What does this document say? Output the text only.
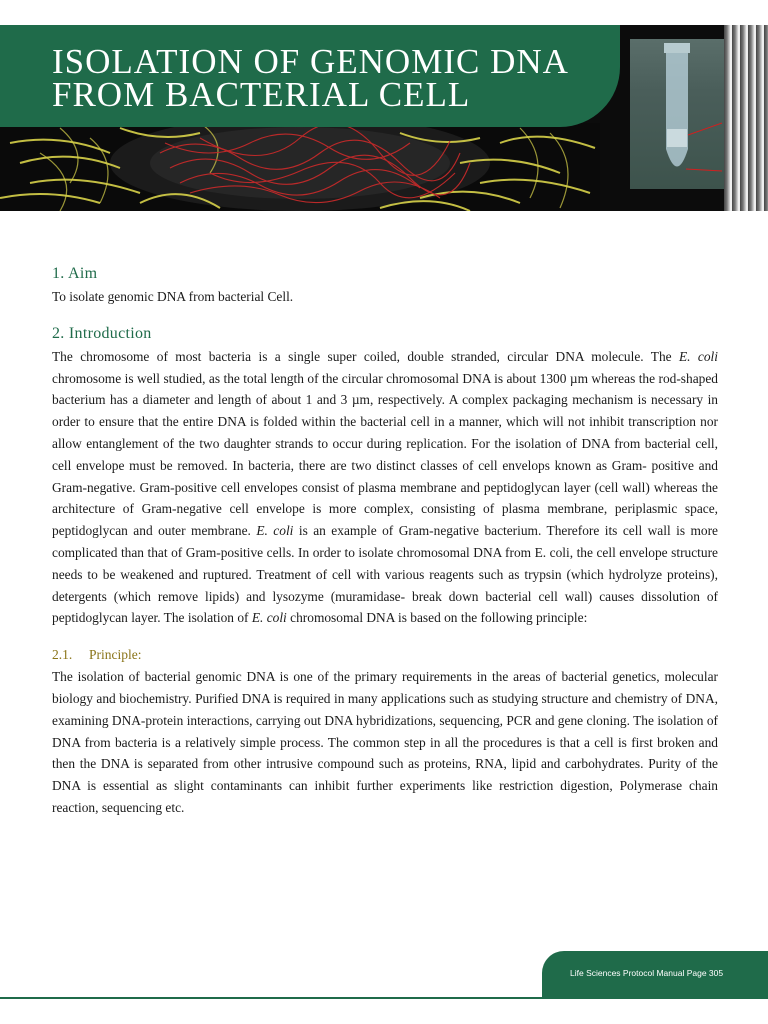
ISOLATION OF GENOMIC DNA
FROM BACTERIAL CELL
1. Aim

To isolate genomic DNA from bacterial Cell.

2. Introduction

The chromosome of most bacteria is a single super coiled, double stranded, circular DNA molecule. The E. coli chromosome is well studied, as the total length of the circular chromosomal DNA is about 1300 µm whereas the rod-shaped bacterium has a diameter and length of about 1 and 3 µm, respectively. A complex packaging mechanism is necessary in order to ensure that the entire DNA is folded within the bacterial cell in a manner, which will not inhibit transcription nor allow entanglement of the two daughter strands to occur during replication. For the isolation of DNA from bacterial cell, cell envelope must be removed. In bacteria, there are two distinct classes of cell envelops known as Gram- positive and Gram-negative. Gram-positive cell envelopes consist of plasma membrane and peptidoglycan layer (cell wall) whereas the architecture of Gram-negative cell envelope is more complex, consisting of plasma membrane, periplasmic space, peptidoglycan and outer membrane. E. coli is an example of Gram-negative bacterium. Therefore its cell wall is more complicated than that of Gram-positive cells. In order to isolate chromosomal DNA from E. coli, the cell envelope structure needs to be weakened and ruptured. Treatment of cell with various reagents such as trypsin (which hydrolyze proteins), detergents (which remove lipids) and lysozyme (muramidase- break down bacterial cell wall) causes dissolution of peptidoglycan layer. The isolation of E. coli chromosomal DNA is based on the following principle:

2.1. Principle:

The isolation of bacterial genomic DNA is one of the primary requirements in the areas of bacterial genetics, molecular biology and biochemistry. Purified DNA is required in many applications such as studying structure and chemistry of DNA, examining DNA-protein interactions, carrying out DNA hybridizations, sequencing, PCR and gene cloning. The isolation of DNA from bacteria is a relatively simple process. The common step in all the procedures is that a cell is first broken and then the DNA is separated from other intrusive compound such as proteins, RNA, lipid and carbohydrates. Purity of the DNA is essential as slight contaminants can inhibit further experiments like restriction digestion, Polymerase chain reaction, sequencing etc.

Life Sciences Protocol Manual Page 305
